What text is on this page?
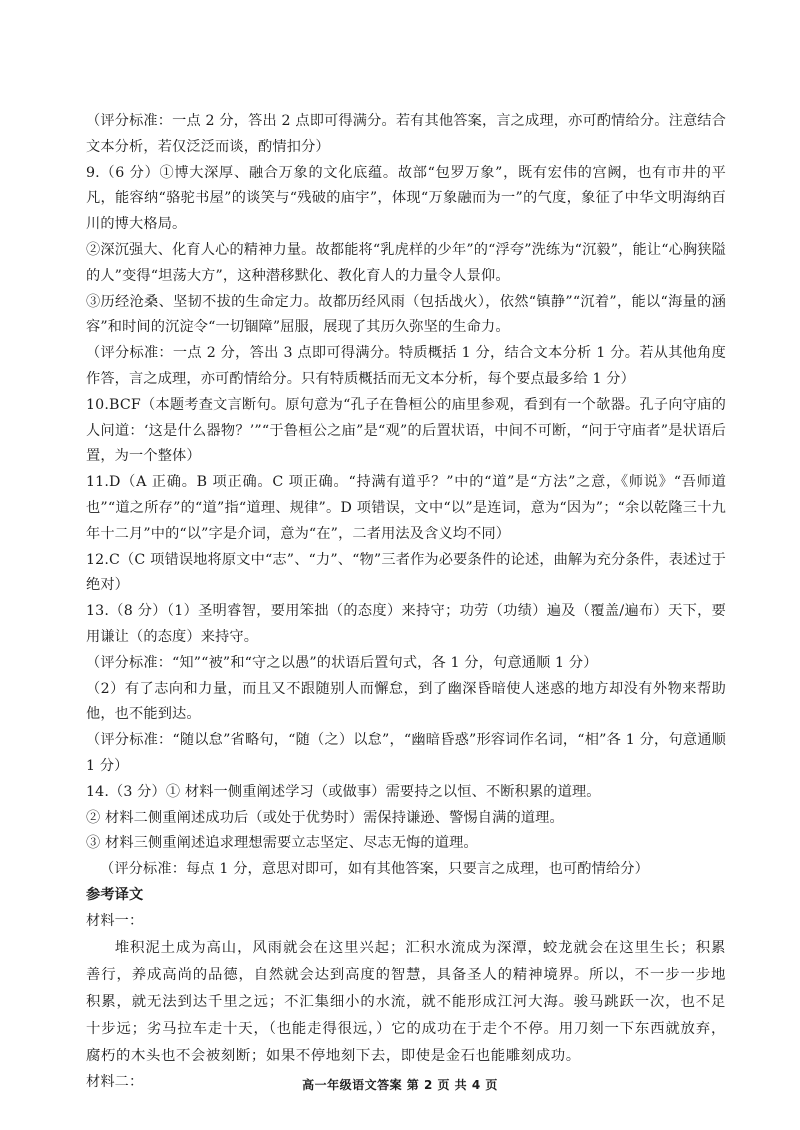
（评分标准：一点 2 分，答出 2 点即可得满分。若有其他答案，言之成理，亦可酌情给分。注意结合文本分析，若仅泛泛而谈，酌情扣分）

9.（6 分）①博大深厚、融合万象的文化底蕴。故部“包罗万象”，既有宏伟的宫阙，也有市井的平凡，能容纳“骆驼书屋”的谈笑与“残破的庙宇”，体现“万象融而为一”的气度，象征了中华文明海纳百川的博大格局。

②深沉强大、化育人心的精神力量。故都能将“乳虎样的少年”的“浮夸”洗练为“沉毅”，能让“心胸狭隘的人”变得“坦荡大方”，这种潜移默化、教化育人的力量令人景仰。

③历经沧桑、坚韧不拔的生命定力。故都历经风雨（包括战火），依然“镇静”“沉着”，能以“海量的涵容”和时间的沉淀令“一切锢障”屈服，展现了其历久弥坚的生命力。

（评分标准：一点 2 分，答出 3 点即可得满分。特质概括 1 分，结合文本分析 1 分。若从其他角度作答，言之成理，亦可酌情给分。只有特质概括而无文本分析，每个要点最多给 1 分）

10.BCF（本题考查文言断句。原句意为“孔子在鲁桓公的庙里参观，看到有一个欹器。孔子向守庙的人问道：‘这是什么器物？’”“于鲁桓公之庙”是“观”的后置状语，中间不可断，“问于守庙者”是状语后置，为一个整体）

11.D（A 正确。B 项正确。C 项正确。“持满有道乎？”中的“道”是“方法”之意，《师说》“吾师道也”“道之所存”的“道”指“道理、规律”。D 项错误，文中“以”是连词，意为“因为”；“余以乾隆三十九年十二月”中的“以”字是介词，意为“在”，二者用法及含义均不同）

12.C（C 项错误地将原文中“志”、“力”、“物”三者作为必要条件的论述，曲解为充分条件，表述过于绝对）

13.（8 分）（1）圣明睿智，要用笨拙（的态度）来持守；功劳（功绩）遍及（覆盖/遍布）天下，要用谦让（的态度）来持守。

（评分标准：“知”“被”和“守之以愚”的状语后置句式，各 1 分，句意通顺 1 分）

（2）有了志向和力量，而且又不跟随别人而懈怠，到了幽深昏暗使人迷惑的地方却没有外物来帮助他，也不能到达。

（评分标准：“随以怠”省略句，“随（之）以怠”，“幽暗昏惑”形容词作名词，“相”各 1 分，句意通顺 1 分）

14.（3 分）① 材料一侧重阐述学习（或做事）需要持之以恒、不断积累的道理。

② 材料二侧重阐述成功后（或处于优势时）需保持谦逊、警惕自满的道理。

③ 材料三侧重阐述追求理想需要立志坚定、尽志无悔的道理。

（评分标准：每点 1 分，意思对即可，如有其他答案，只要言之成理，也可酌情给分）

参考译文

材料一：

堆积泥土成为高山，风雨就会在这里兴起；汇积水流成为深潭，蛟龙就会在这里生长；积累善行，养成高尚的品德，自然就会达到高度的智慧，具备圣人的精神境界。所以，不一步一步地积累，就无法到达千里之远；不汇集细小的水流，就不能形成江河大海。骏马跳跃一次，也不足十步远；劣马拉车走十天，（也能走得很远，）它的成功在于走个不停。用刀刻一下东西就放弃，腐朽的木头也不会被刻断；如果不停地刻下去，即使是金石也能雕刻成功。

材料二：	高一年级语文答案 第 2 页 共 4 页
